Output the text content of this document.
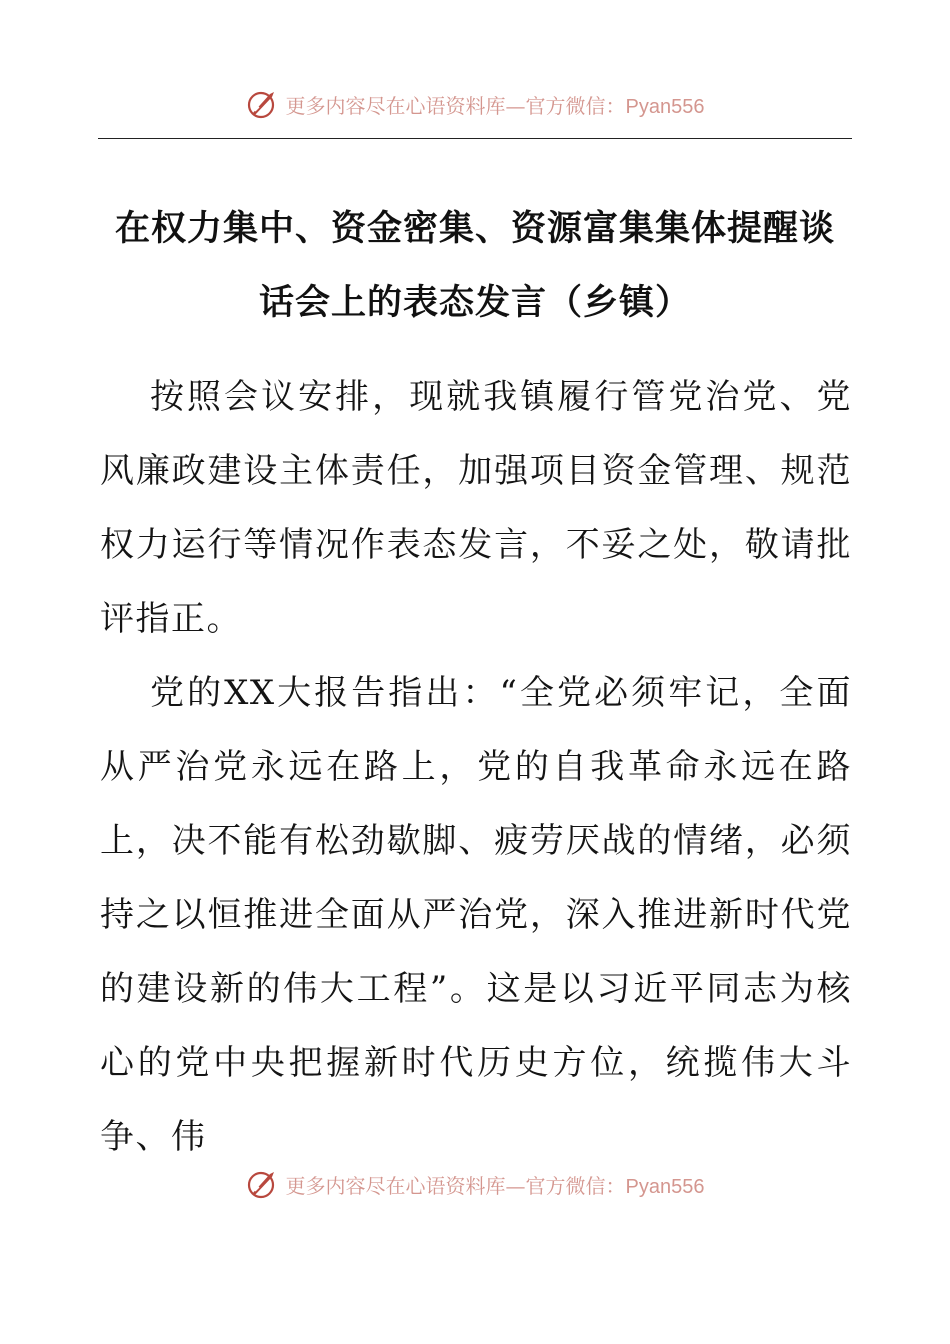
更多内容尽在心语资料库—官方微信：Pyan556
在权力集中、资金密集、资源富集集体提醒谈话会上的表态发言（乡镇）

按照会议安排，现就我镇履行管党治党、党风廉政建设主体责任，加强项目资金管理、规范权力运行等情况作表态发言，不妥之处，敬请批评指正。

党的XX大报告指出：“全党必须牢记，全面从严治党永远在路上，党的自我革命永远在路上，决不能有松劲歇脚、疲劳厌战的情绪，必须持之以恒推进全面从严治党，深入推进新时代党的建设新的伟大工程”。这是以习近平同志为核心的党中央把握新时代历史方位，统揽伟大斗争、伟

更多内容尽在心语资料库—官方微信：Pyan556
